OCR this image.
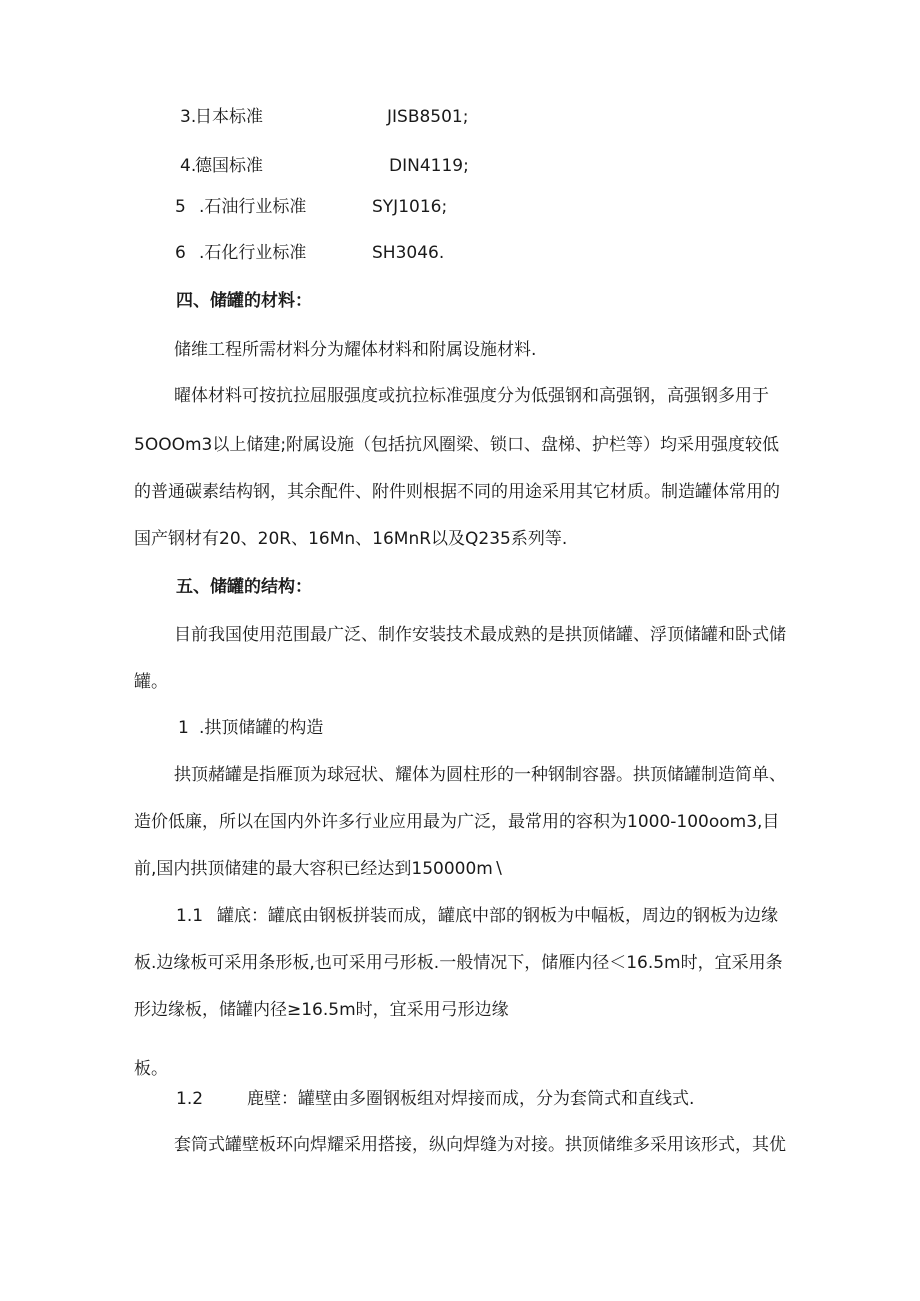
3.
日本标准	JISB8501;
4.
德国标准	DIN4119;
5 .石油行业标准	SYJ1016;
6 .石化行业标准	SH3046.

四、储罐的材料：

储维工程所需材料分为耀体材料和附属设施材料.

曜体材料可按抗拉屈服强度或抗拉标准强度分为低强钢和高强钢，高强钢多用于

5OOOm3以上储建;附属设施（包括抗风圈梁、锁口、盘梯、护栏等）均采用强度较低

的普通碳素结构钢，其余配件、附件则根据不同的用途采用其它材质。制造罐体常用的

国产钢材有20、20R、16Mn、16MnR以及Q235系列等.

五、储罐的结构：

目前我国使用范围最广泛、制作安装技术最成熟的是拱顶储罐、浮顶储罐和卧式储

罐。

1 .拱顶储罐的构造

拱顶赭罐是指雁顶为球冠状、耀体为圆柱形的一种钢制容器。拱顶储罐制造简单、

造价低廉，所以在国内外许多行业应用最为广泛，最常用的容积为1000-100oom3,目

前,国内拱顶储建的最大容积已经达到150000m∖

1.1 罐底：罐底由钢板拼装而成，罐底中部的钢板为中幅板，周边的钢板为边缘

板.边缘板可采用条形板,也可采用弓形板.一般情况下，储雁内径＜16.5m时，宜采用条

形边缘板，储罐内径≥16.5m时，宜采用弓形边缘

板。

1.2	鹿壁：罐壁由多圈钢板组对焊接而成，分为套筒式和直线式.

套筒式罐壁板环向焊耀采用搭接，纵向焊缝为对接。拱顶储维多采用该形式，其优
